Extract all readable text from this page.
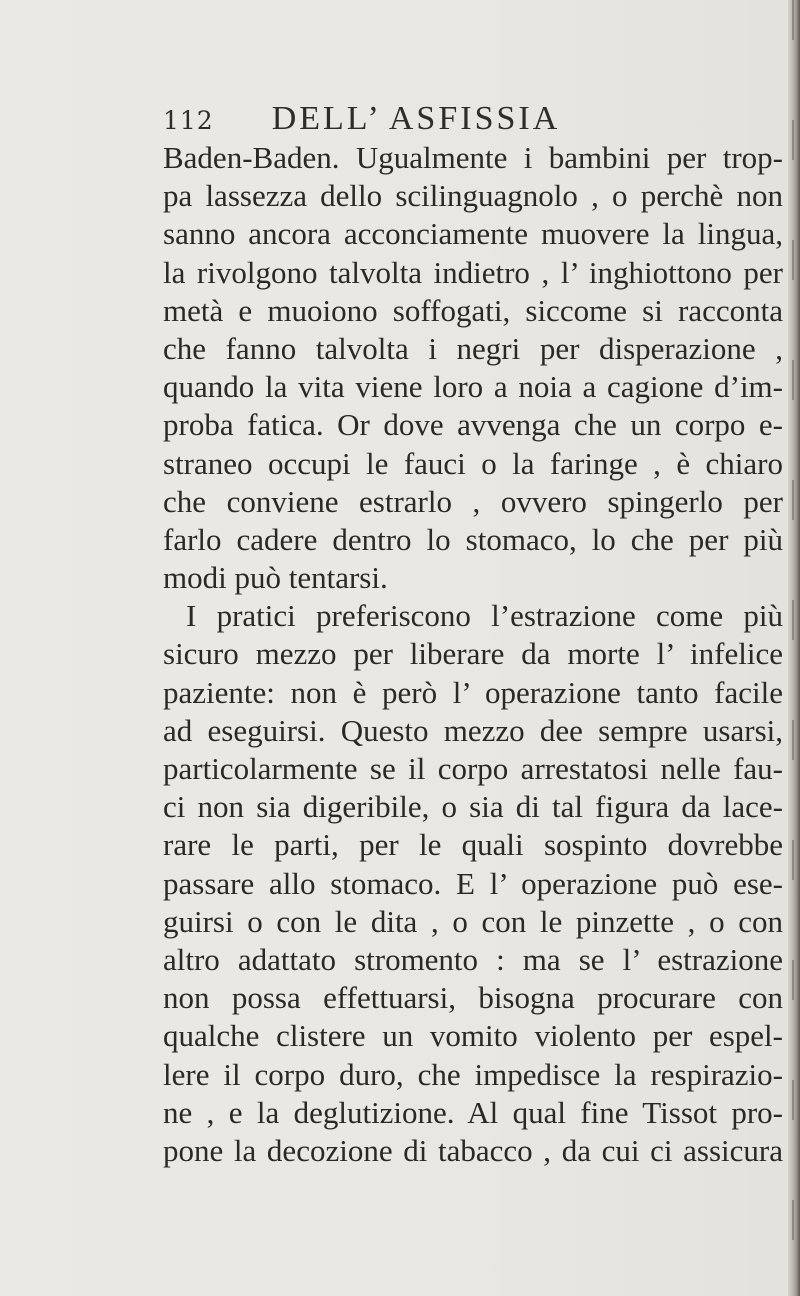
112 DELL’ ASFISSIA
Baden-Baden. Ugualmente i bambini per trop-
pa lassezza dello scilinguagnolo , o perchè non
sanno ancora acconciamente muovere la lingua,
la rivolgono talvolta indietro , l’ inghiottono per
metà e muoiono soffogati, siccome si racconta
che fanno talvolta i negri per disperazione ,
quando la vita viene loro a noia a cagione d’im-
proba fatica. Or dove avvenga che un corpo e-
straneo occupi le fauci o la faringe , è chiaro
che conviene estrarlo , ovvero spingerlo per
farlo cadere dentro lo stomaco, lo che per più
modi può tentarsi.
I pratici preferiscono l’estrazione come più
sicuro mezzo per liberare da morte l’ infelice
paziente: non è però l’ operazione tanto facile
ad eseguirsi. Questo mezzo dee sempre usarsi,
particolarmente se il corpo arrestatosi nelle fau-
ci non sia digeribile, o sia di tal figura da lace-
rare le parti, per le quali sospinto dovrebbe
passare allo stomaco. E l’ operazione può ese-
guirsi o con le dita , o con le pinzette , o con
altro adattato stromento : ma se l’ estrazione
non possa effettuarsi, bisogna procurare con
qualche clistere un vomito violento per espel-
lere il corpo duro, che impedisce la respirazio-
ne , e la deglutizione. Al qual fine Tissot pro-
pone la decozione di tabacco , da cui ci assicura
